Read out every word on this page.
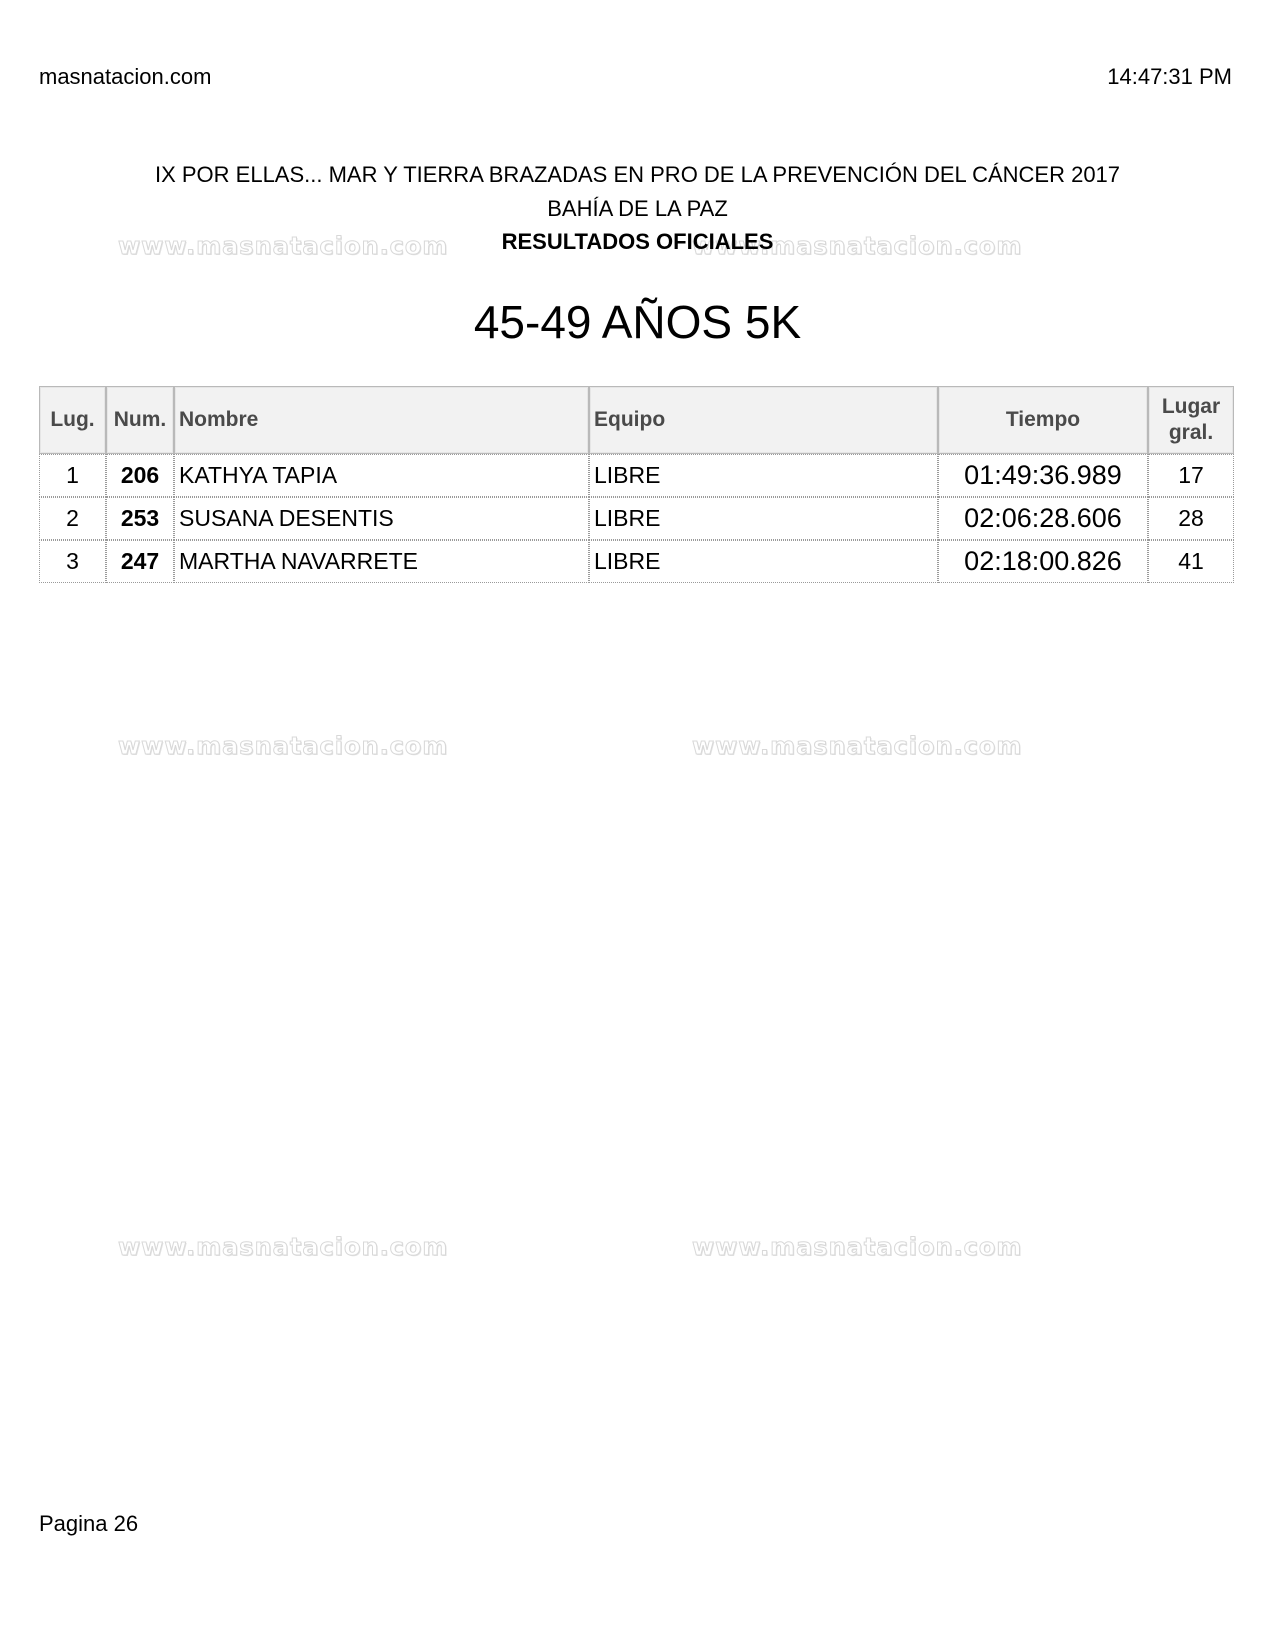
masnatacion.com	14:47:31 PM
IX POR ELLAS... MAR Y TIERRA BRAZADAS EN PRO DE LA PREVENCIÓN DEL CÁNCER 2017
BAHÍA DE LA PAZ
www.masnatacion.com	www.masnatacion.com
www.masnatacion.com	www.masnatacion.com
www.masnatacion.com	www.masnatacion.com
RESULTADOS OFICIALES
45-49 AÑOS 5K
Lug.	Num.	Nombre	Equipo	Tiempo	Lugar
gral.
1	206	KATHYA TAPIA	LIBRE	01:49:36.989	17
2	253	SUSANA DESENTIS	LIBRE	02:06:28.606	28
3	247	MARTHA NAVARRETE	LIBRE	02:18:00.826	41
Pagina 26
